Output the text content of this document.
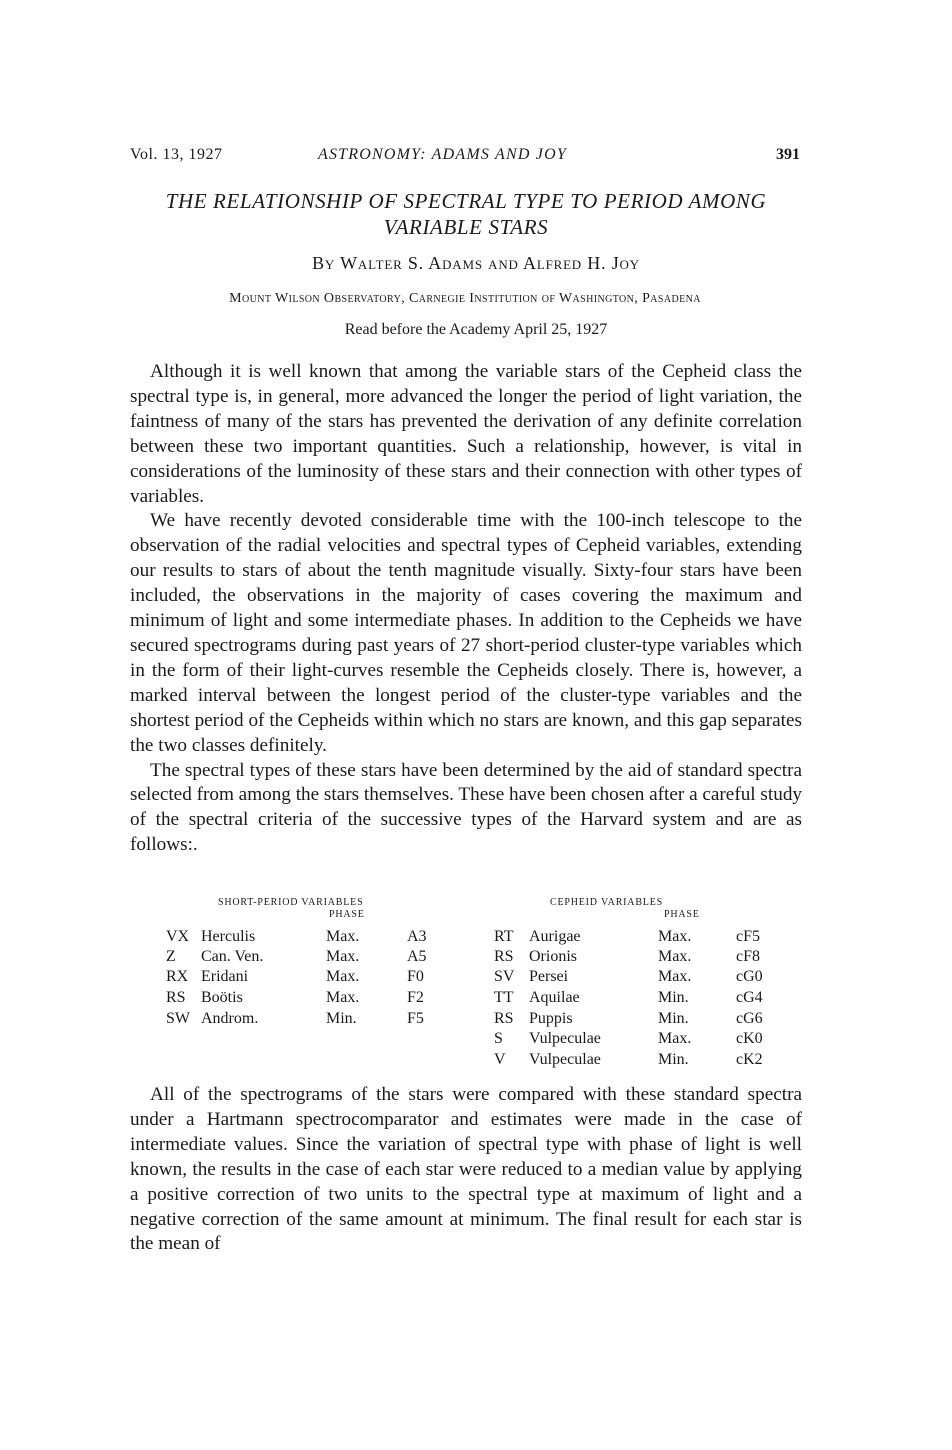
Vol. 13, 1927	ASTRONOMY: ADAMS AND JOY	391
THE RELATIONSHIP OF SPECTRAL TYPE TO PERIOD AMONG VARIABLE STARS
By Walter S. Adams and Alfred H. Joy
Mount Wilson Observatory, Carnegie Institution of Washington, Pasadena
Read before the Academy April 25, 1927

Although it is well known that among the variable stars of the Cepheid class the spectral type is, in general, more advanced the longer the period of light variation, the faintness of many of the stars has prevented the derivation of any definite correlation between these two important quantities. Such a relationship, however, is vital in considerations of the luminosity of these stars and their connection with other types of variables.

We have recently devoted considerable time with the 100-inch telescope to the observation of the radial velocities and spectral types of Cepheid variables, extending our results to stars of about the tenth magnitude visually. Sixty-four stars have been included, the observations in the majority of cases covering the maximum and minimum of light and some intermediate phases. In addition to the Cepheids we have secured spectrograms during past years of 27 short-period cluster-type variables which in the form of their light-curves resemble the Cepheids closely. There is, however, a marked interval between the longest period of the cluster-type variables and the shortest period of the Cepheids within which no stars are known, and this gap separates the two classes definitely.

The spectral types of these stars have been determined by the aid of standard spectra selected from among the stars themselves. These have been chosen after a careful study of the spectral criteria of the successive types of the Harvard system and are as follows:.

SHORT-PERIOD VARIABLES
PHASE
VX Herculis	Max.	A3
Z Can. Ven.	Max.	A5
RX Eridani	Max.	F0
RS Boötis	Max.	F2
SW Androm.	Min.	F5
CEPHEID VARIABLES
PHASE
RT Aurigae	Max.	cF5
RS Orionis	Max.	cF8
SV Persei	Max.	cG0
TT Aquilae	Min.	cG4
RS Puppis	Min.	cG6
S Vulpeculae	Max.	cK0
V Vulpeculae	Min.	cK2

All of the spectrograms of the stars were compared with these standard spectra under a Hartmann spectrocomparator and estimates were made in the case of intermediate values. Since the variation of spectral type with phase of light is well known, the results in the case of each star were reduced to a median value by applying a positive correction of two units to the spectral type at maximum of light and a negative correction of the same amount at minimum. The final result for each star is the mean of
